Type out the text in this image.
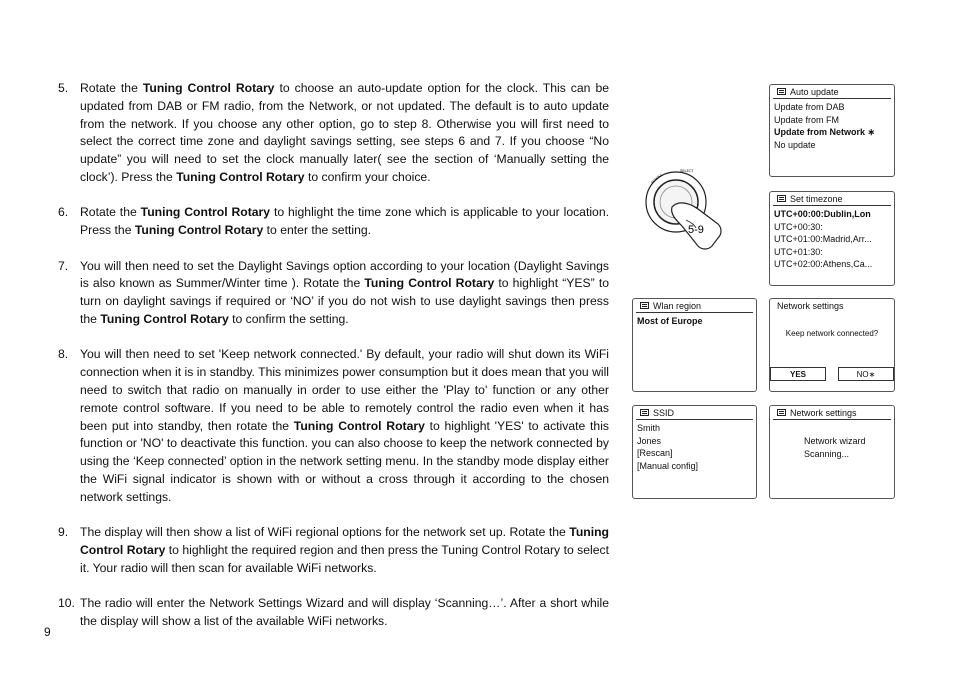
5. Rotate the Tuning Control Rotary to choose an auto-update option for the clock. This can be updated from DAB or FM radio, from the Network, or not updated. The default is to auto update from the network. If you choose any other option, go to step 8. Otherwise you will first need to select the correct time zone and daylight savings setting, see steps 6 and 7. If you choose “No update” you will need to set the clock manually later( see the section of ‘Manually setting the clock’). Press the Tuning Control Rotary to confirm your choice.
6. Rotate the Tuning Control Rotary to highlight the time zone which is applicable to your location. Press the Tuning Control Rotary to enter the setting.
7. You will then need to set the Daylight Savings option according to your location (Daylight Savings is also known as Summer/Winter time ). Rotate the Tuning Control Rotary to highlight “YES” to turn on daylight savings if required or ‘NO’ if you do not wish to use daylight savings then press the Tuning Control Rotary to confirm the setting.
8. You will then need to set 'Keep network connected.' By default, your radio will shut down its WiFi connection when it is in standby. This minimizes power consumption but it does mean that you will need to switch that radio on manually in order to use either the 'Play to' function or any other remote control software. If you need to be able to remotely control the radio even when it has been put into standby, then rotate the Tuning Control Rotary to highlight 'YES' to activate this function or 'NO' to deactivate this function. you can also choose to keep the network connected by using the ‘Keep connected’ option in the network setting menu. In the standby mode display either the WiFi signal indicator is shown with or without a cross through it according to the chosen network settings.
9. The display will then show a list of WiFi regional options for the network set up. Rotate the Tuning Control Rotary to highlight the required region and then press the Tuning Control Rotary to select it. Your radio will then scan for available WiFi networks.
10. The radio will enter the Network Settings Wizard and will display ‘Scanning…’. After a short while the display will show a list of the available WiFi networks.
9
SCROLL
SELECT
5-9
Auto update
Update from DAB
Update from FM
Update from Network ∗
No update
Set timezone
UTC+00:00:Dublin,Lon
UTC+00:30:
UTC+01:00:Madrid,Arr...
UTC+01:30:
UTC+02:00:Athens,Ca...
Wlan region
Most of Europe
Network settings
Keep network connected?
YES	NO∗
SSID
Smith
Jones
[Rescan]
[Manual config]
Network settings
Network wizard
Scanning...
